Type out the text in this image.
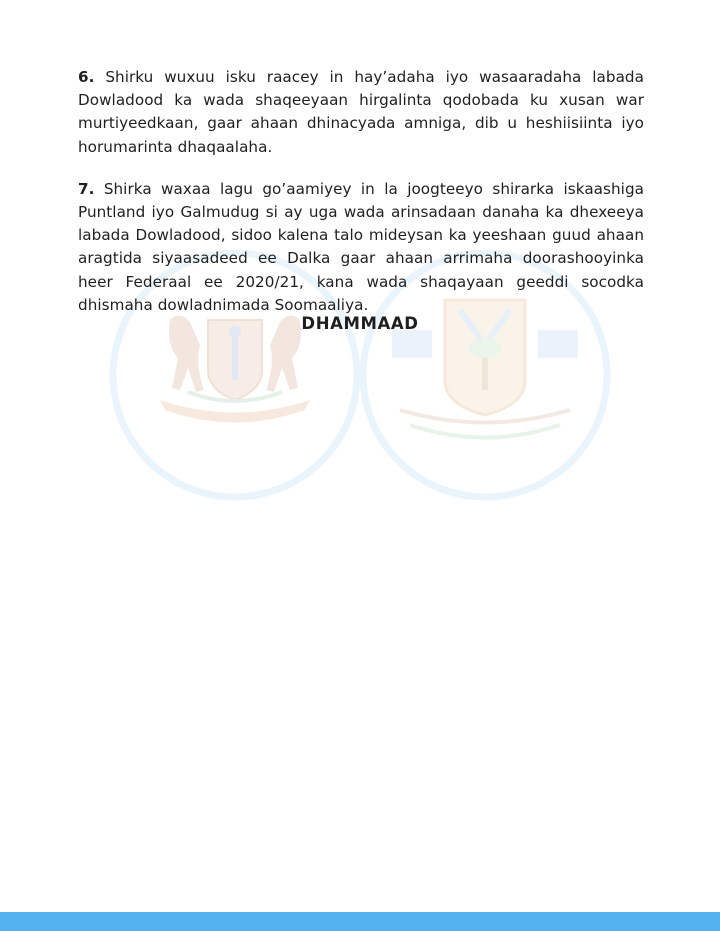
6. Shirku wuxuu isku raacey in hay’adaha iyo wasaaradaha labada Dowladood ka wada shaqeeyaan hirgalinta qodobada ku xusan war murtiyeedkaan, gaar ahaan dhinacyada amniga, dib u heshiisiinta iyo horumarinta dhaqaalaha.

7. Shirka waxaa lagu go’aamiyey in la joogteeyo shirarka iskaashiga Puntland iyo Galmudug si ay uga wada arinsadaan danaha ka dhexeeya labada Dowladood, sidoo kalena talo mideysan ka yeeshaan guud ahaan aragtida siyaasadeed ee Dalka gaar ahaan arrimaha doorashooyinka heer Federaal ee 2020/21, kana wada shaqayaan geeddi socodka dhismaha dowladnimada Soomaaliya.

DHAMMAAD
